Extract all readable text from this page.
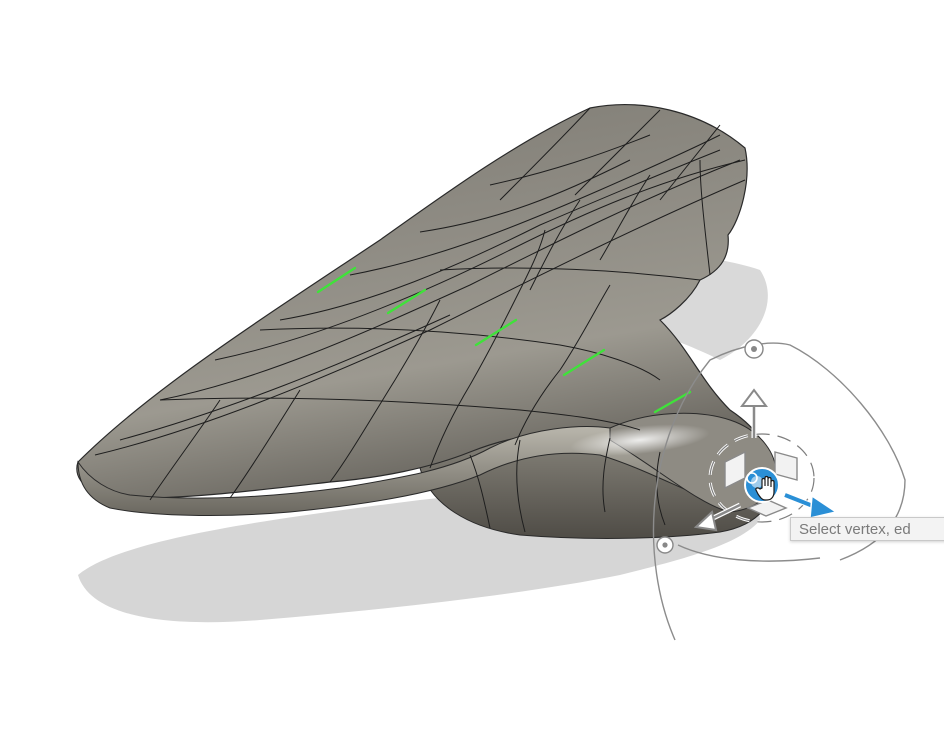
Select vertex, ed
